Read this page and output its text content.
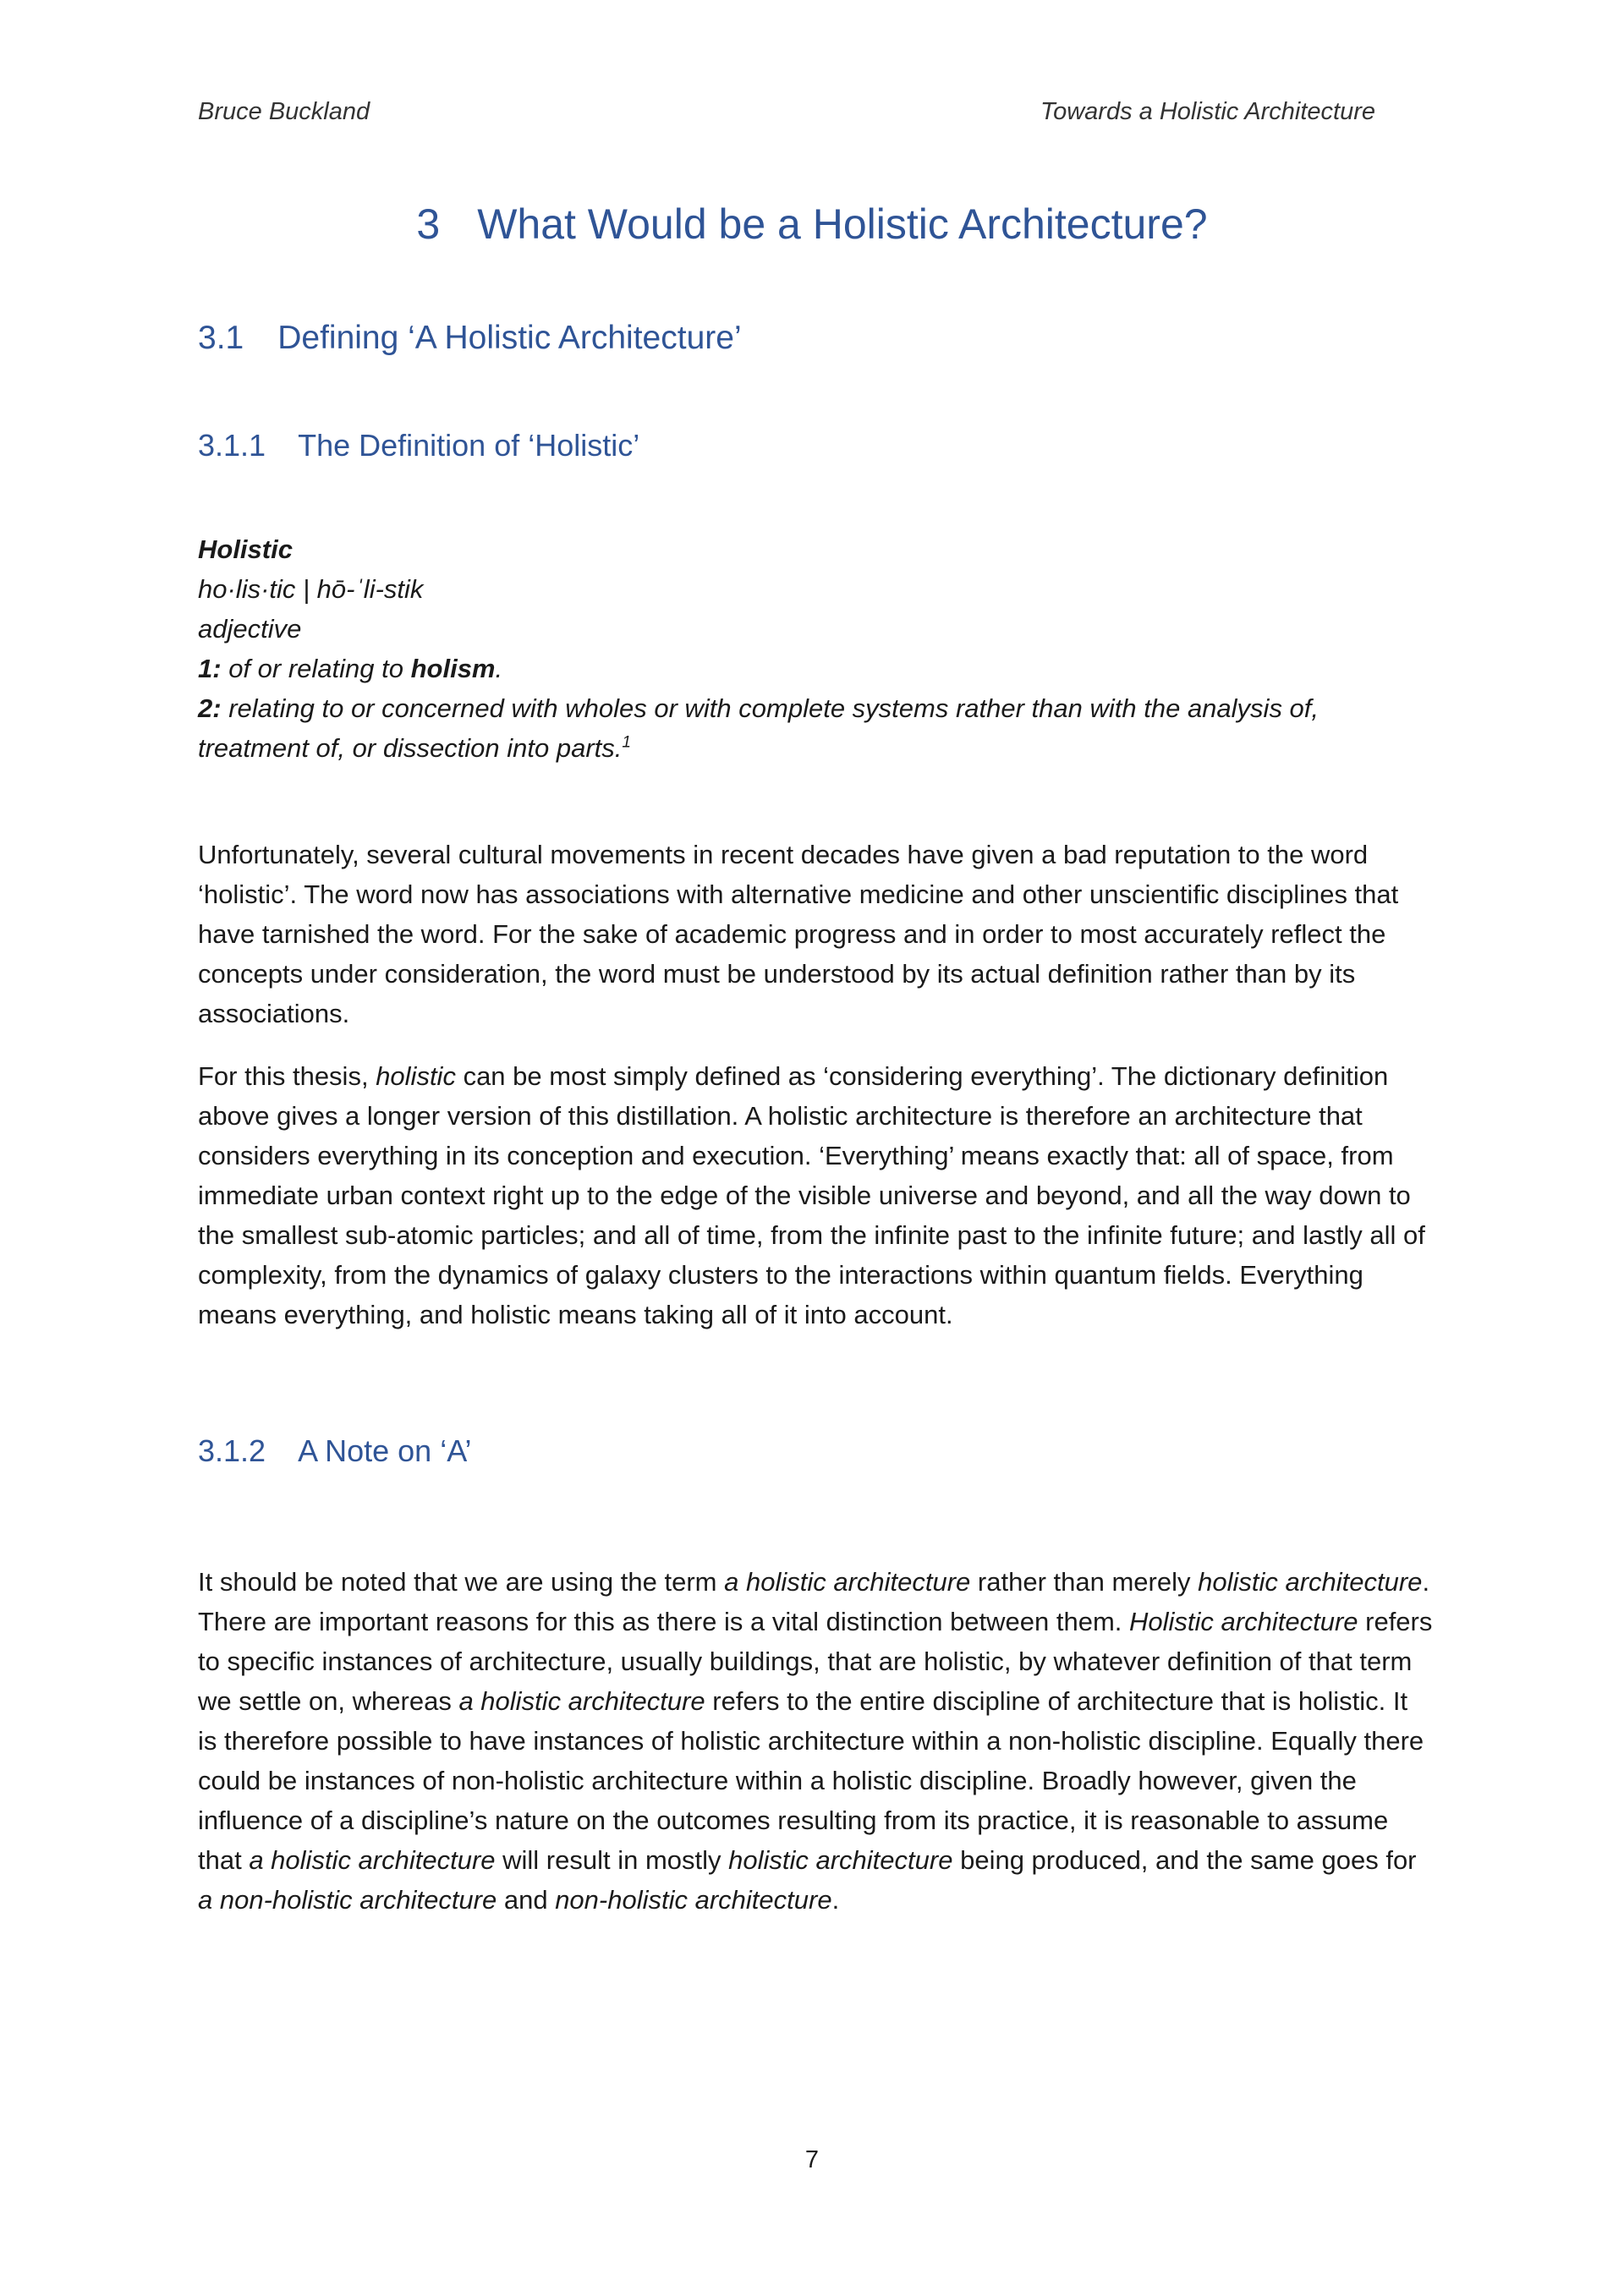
Bruce Buckland	Towards a Holistic Architecture
3 What Would be a Holistic Architecture?
3.1 Defining ‘A Holistic Architecture’
3.1.1 The Definition of ‘Holistic’

Holistic

ho·lis·tic | hō-ˈli-stik

adjective

1: of or relating to holism.

2: relating to or concerned with wholes or with complete systems rather than with the analysis of, treatment of, or dissection into parts.$^1$

Unfortunately, several cultural movements in recent decades have given a bad reputation to the word ‘holistic’. The word now has associations with alternative medicine and other unscientific disciplines that have tarnished the word. For the sake of academic progress and in order to most accurately reflect the concepts under consideration, the word must be understood by its actual definition rather than by its associations.

For this thesis, holistic can be most simply defined as ‘considering everything’. The dictionary definition above gives a longer version of this distillation. A holistic architecture is therefore an architecture that considers everything in its conception and execution. ‘Everything’ means exactly that: all of space, from immediate urban context right up to the edge of the visible universe and beyond, and all the way down to the smallest sub-atomic particles; and all of time, from the infinite past to the infinite future; and lastly all of complexity, from the dynamics of galaxy clusters to the interactions within quantum fields. Everything means everything, and holistic means taking all of it into account.

3.1.2 A Note on ‘A’

It should be noted that we are using the term a holistic architecture rather than merely holistic architecture. There are important reasons for this as there is a vital distinction between them. Holistic architecture refers to specific instances of architecture, usually buildings, that are holistic, by whatever definition of that term we settle on, whereas a holistic architecture refers to the entire discipline of architecture that is holistic. It is therefore possible to have instances of holistic architecture within a non-holistic discipline. Equally there could be instances of non-holistic architecture within a holistic discipline. Broadly however, given the influence of a discipline’s nature on the outcomes resulting from its practice, it is reasonable to assume that a holistic architecture will result in mostly holistic architecture being produced, and the same goes for a non-holistic architecture and non-holistic architecture.

7
